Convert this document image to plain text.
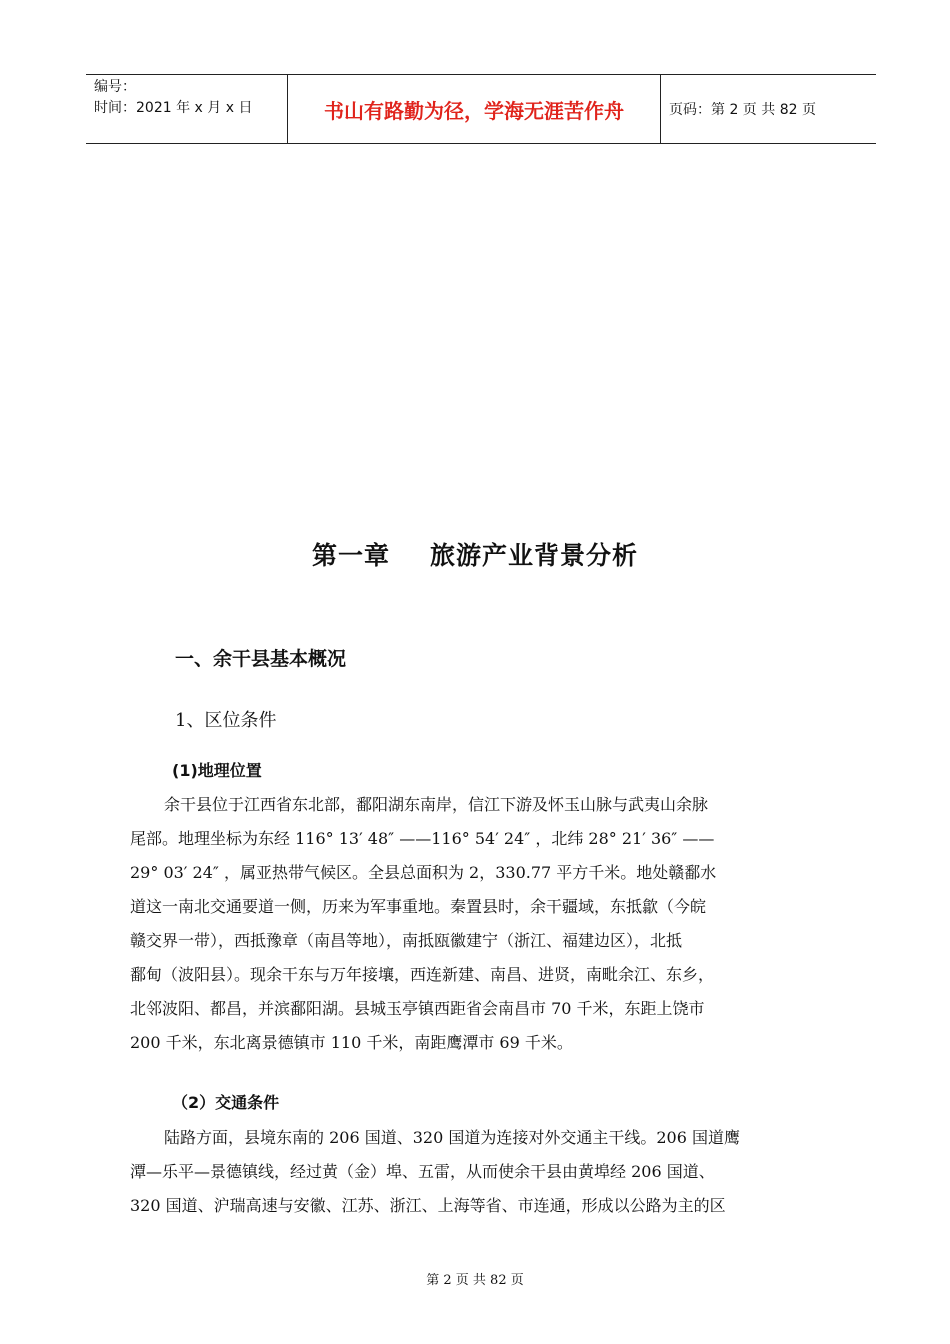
编号：
时间：2021 年 x 月 x 日	书山有路勤为径，学海无涯苦作舟	页码：第 2 页 共 82 页
第一章 旅游产业背景分析
一、余干县基本概况
1、区位条件
(1)地理位置
余干县位于江西省东北部，鄱阳湖东南岸，信江下游及怀玉山脉与武夷山余脉
尾部。地理坐标为东经 116° 13′ 48″ ——116° 54′ 24″ ，北纬 28° 21′ 36″ ——
29° 03′ 24″ ，属亚热带气候区。全县总面积为 2，330.77 平方千米。地处赣鄱水
道这一南北交通要道一侧，历来为军事重地。秦置县时，余干疆域，东抵歙（今皖
赣交界一带），西抵豫章（南昌等地），南抵瓯徽建宁（浙江、福建边区），北抵
鄱甸（波阳县）。现余干东与万年接壤，西连新建、南昌、进贤，南毗余江、东乡，
北邻波阳、都昌，并滨鄱阳湖。县城玉亭镇西距省会南昌市 70 千米，东距上饶市
200 千米，东北离景德镇市 110 千米，南距鹰潭市 69 千米。
（2）交通条件
陆路方面，县境东南的 206 国道、320 国道为连接对外交通主干线。206 国道鹰
潭—乐平—景德镇线，经过黄（金）埠、五雷，从而使余干县由黄埠经 206 国道、
320 国道、沪瑞高速与安徽、江苏、浙江、上海等省、市连通，形成以公路为主的区
第 2 页 共 82 页
